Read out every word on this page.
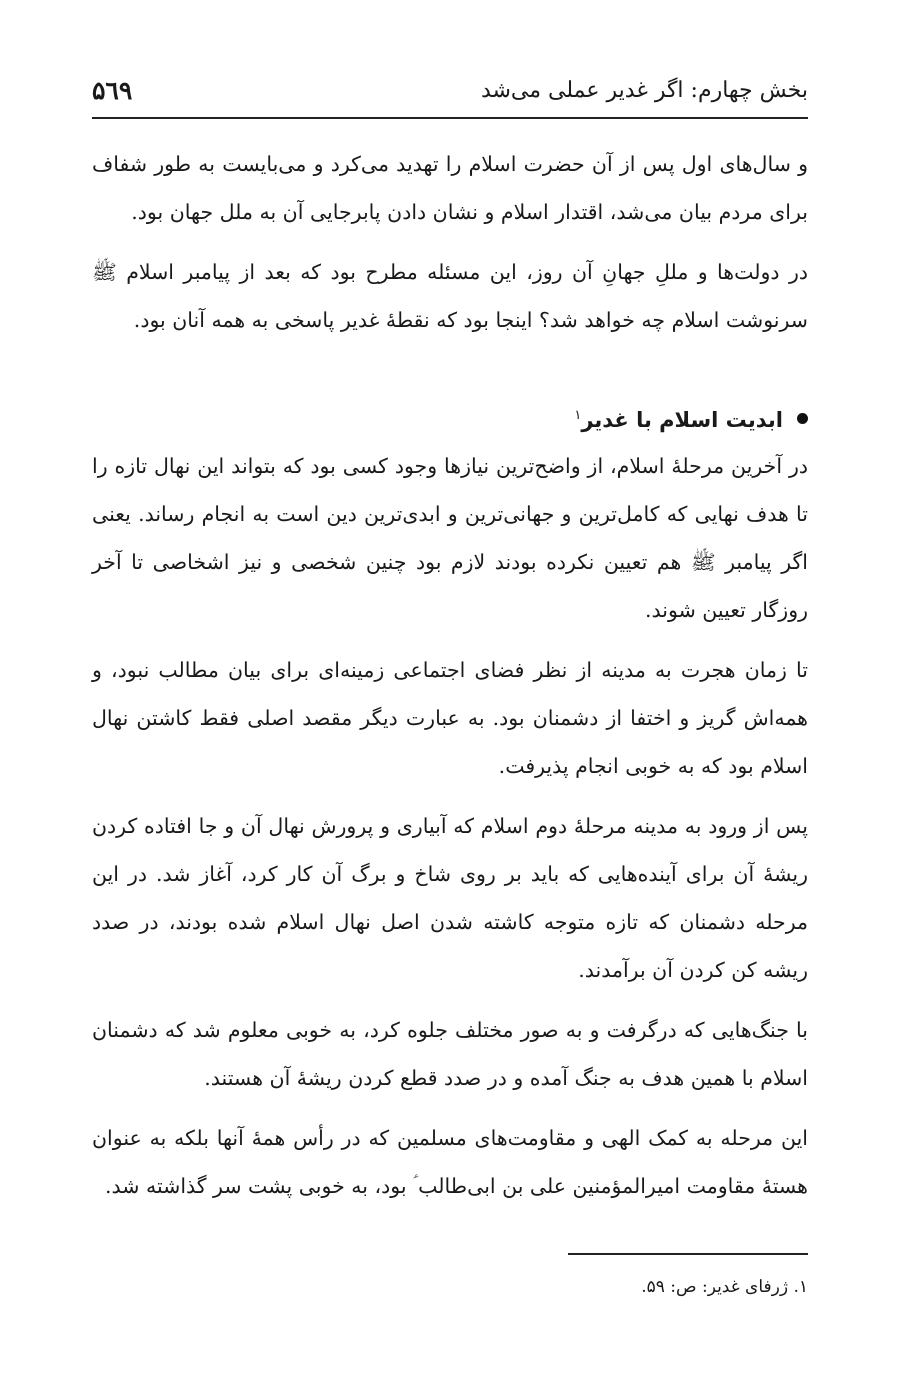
بخش چهارم: اگر غدیر عملی می‌شد
۵٦۹

و سال‌های اول پس از آن حضرت اسلام را تهدید می‌کرد و می‌بایست به طور شفاف برای مردم بیان می‌شد، اقتدار اسلام و نشان دادن پابرجایی آن به ملل جهان بود.

در دولت‌ها و مللِ جهانِ آن روز، این مسئله مطرح بود که بعد از پیامبر اسلام ﷺ سرنوشت اسلام چه خواهد شد؟ اینجا بود که نقطهٔ غدیر پاسخی به همه آنان بود.

ابدیت اسلام با غدیر$^۱$

در آخرین مرحلهٔ اسلام، از واضح‌ترین نیازها وجود کسی بود که بتواند این نهال تازه را تا هدف نهایی که کامل‌ترین و جهانی‌ترین و ابدی‌ترین دین است به انجام رساند. یعنی اگر پیامبر ﷺ هم تعیین نکرده بودند لازم بود چنین شخصی و نیز اشخاصی تا آخر روزگار تعیین شوند.

تا زمان هجرت به مدینه از نظر فضای اجتماعی زمینه‌ای برای بیان مطالب نبود، و همه‌اش گریز و اختفا از دشمنان بود. به عبارت دیگر مقصد اصلی فقط کاشتن نهال اسلام بود که به خوبی انجام پذیرفت.

پس از ورود به مدینه مرحلهٔ دوم اسلام که آبیاری و پرورش نهال آن و جا افتاده کردن ریشهٔ آن برای آینده‌هایی که باید بر روی شاخ و برگ آن کار کرد، آغاز شد. در این مرحله دشمنان که تازه متوجه کاشته شدن اصل نهال اسلام شده بودند، در صدد ریشه کن کردن آن برآمدند.

با جنگ‌هایی که درگرفت و به صور مختلف جلوه کرد، به خوبی معلوم شد که دشمنان اسلام با همین هدف به جنگ آمده و در صدد قطع کردن ریشهٔ آن هستند.

این مرحله به کمک الهی و مقاومت‌های مسلمین که در رأس همهٔ آنها بلکه به عنوان هستهٔ مقاومت امیرالمؤمنین علی بن ابی‌طالب ؑ بود، به خوبی پشت سر گذاشته شد.

۱. ژرفای غدیر: ص: ۵۹.
